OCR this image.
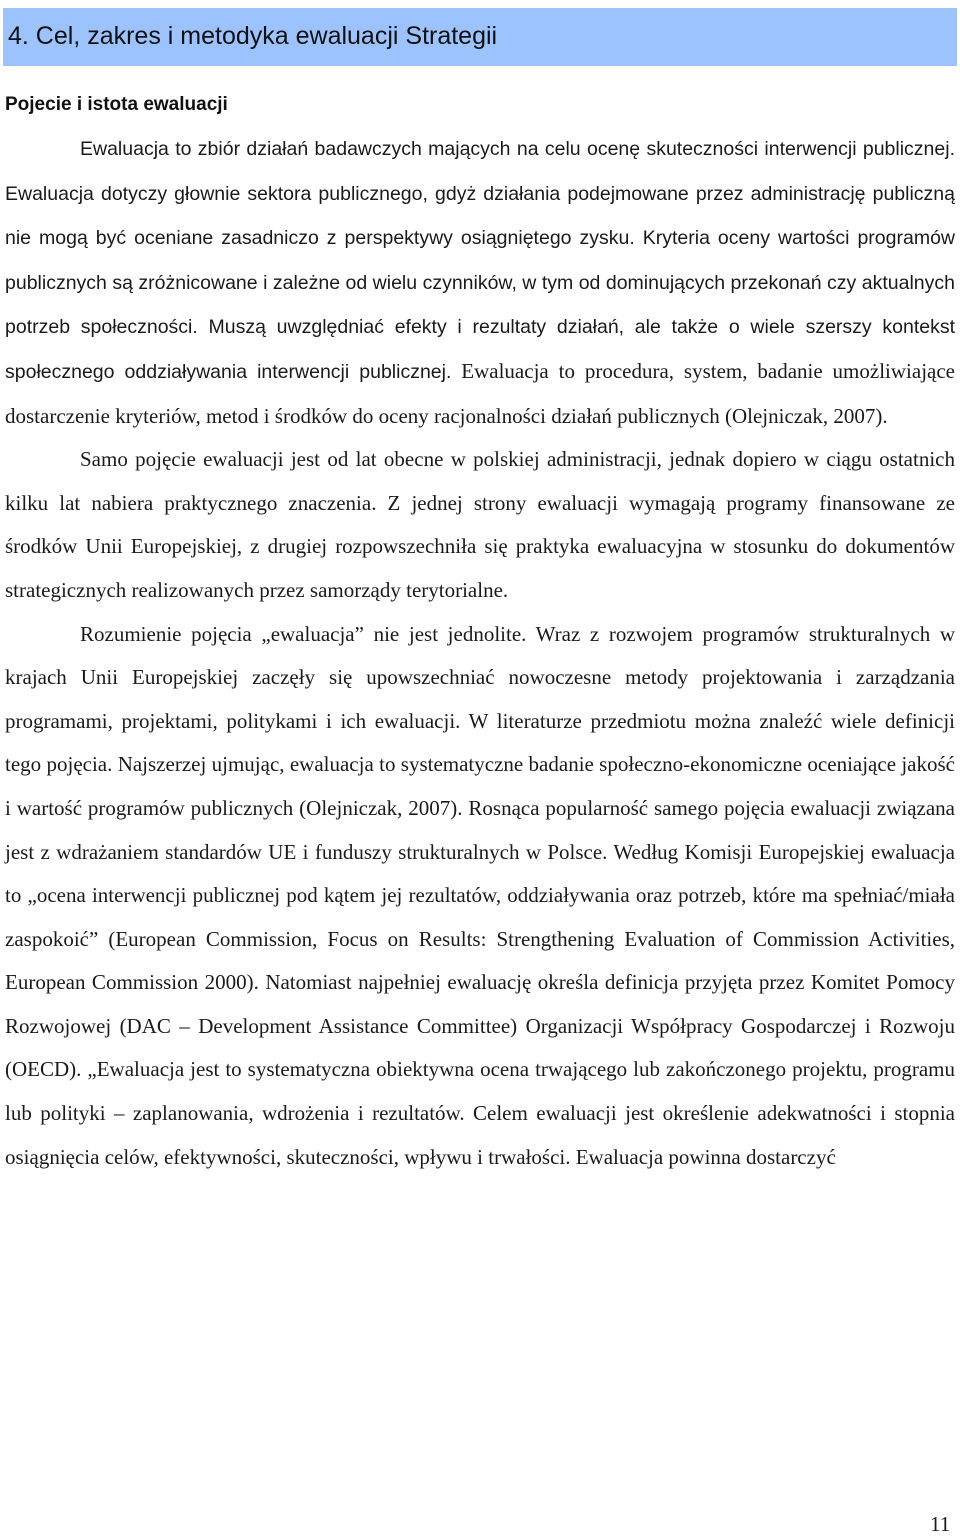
4. Cel, zakres i metodyka ewaluacji Strategii
Pojecie i istota ewaluacji

Ewaluacja to zbiór działań badawczych mających na celu ocenę skuteczności interwencji publicznej. Ewaluacja dotyczy głownie sektora publicznego, gdyż działania podejmowane przez administrację publiczną nie mogą być oceniane zasadniczo z perspektywy osiągniętego zysku. Kryteria oceny wartości programów publicznych są zróżnicowane i zależne od wielu czynników, w tym od dominujących przekonań czy aktualnych potrzeb społeczności. Muszą uwzględniać efekty i rezultaty działań, ale także o wiele szerszy kontekst społecznego oddziaływania interwencji publicznej. Ewaluacja to procedura, system, badanie umożliwiające dostarczenie kryteriów, metod i środków do oceny racjonalności działań publicznych (Olejniczak, 2007).

Samo pojęcie ewaluacji jest od lat obecne w polskiej administracji, jednak dopiero w ciągu ostatnich kilku lat nabiera praktycznego znaczenia. Z jednej strony ewaluacji wymagają programy finansowane ze środków Unii Europejskiej, z drugiej rozpowszechniła się praktyka ewaluacyjna w stosunku do dokumentów strategicznych realizowanych przez samorządy terytorialne.

Rozumienie pojęcia „ewaluacja” nie jest jednolite. Wraz z rozwojem programów strukturalnych w krajach Unii Europejskiej zaczęły się upowszechniać nowoczesne metody projektowania i zarządzania programami, projektami, politykami i ich ewaluacji. W literaturze przedmiotu można znaleźć wiele definicji tego pojęcia. Najszerzej ujmując, ewaluacja to systematyczne badanie społeczno-ekonomiczne oceniające jakość i wartość programów publicznych (Olejniczak, 2007). Rosnąca popularność samego pojęcia ewaluacji związana jest z wdrażaniem standardów UE i funduszy strukturalnych w Polsce. Według Komisji Europejskiej ewaluacja to „ocena interwencji publicznej pod kątem jej rezultatów, oddziaływania oraz potrzeb, które ma spełniać/miała zaspokoić” (European Commission, Focus on Results: Strengthening Evaluation of Commission Activities, European Commission 2000). Natomiast najpełniej ewaluację określa definicja przyjęta przez Komitet Pomocy Rozwojowej (DAC – Development Assistance Committee) Organizacji Współpracy Gospodarczej i Rozwoju (OECD). „Ewaluacja jest to systematyczna obiektywna ocena trwającego lub zakończonego projektu, programu lub polityki – zaplanowania, wdrożenia i rezultatów. Celem ewaluacji jest określenie adekwatności i stopnia osiągnięcia celów, efektywności, skuteczności, wpływu i trwałości. Ewaluacja powinna dostarczyć

11
